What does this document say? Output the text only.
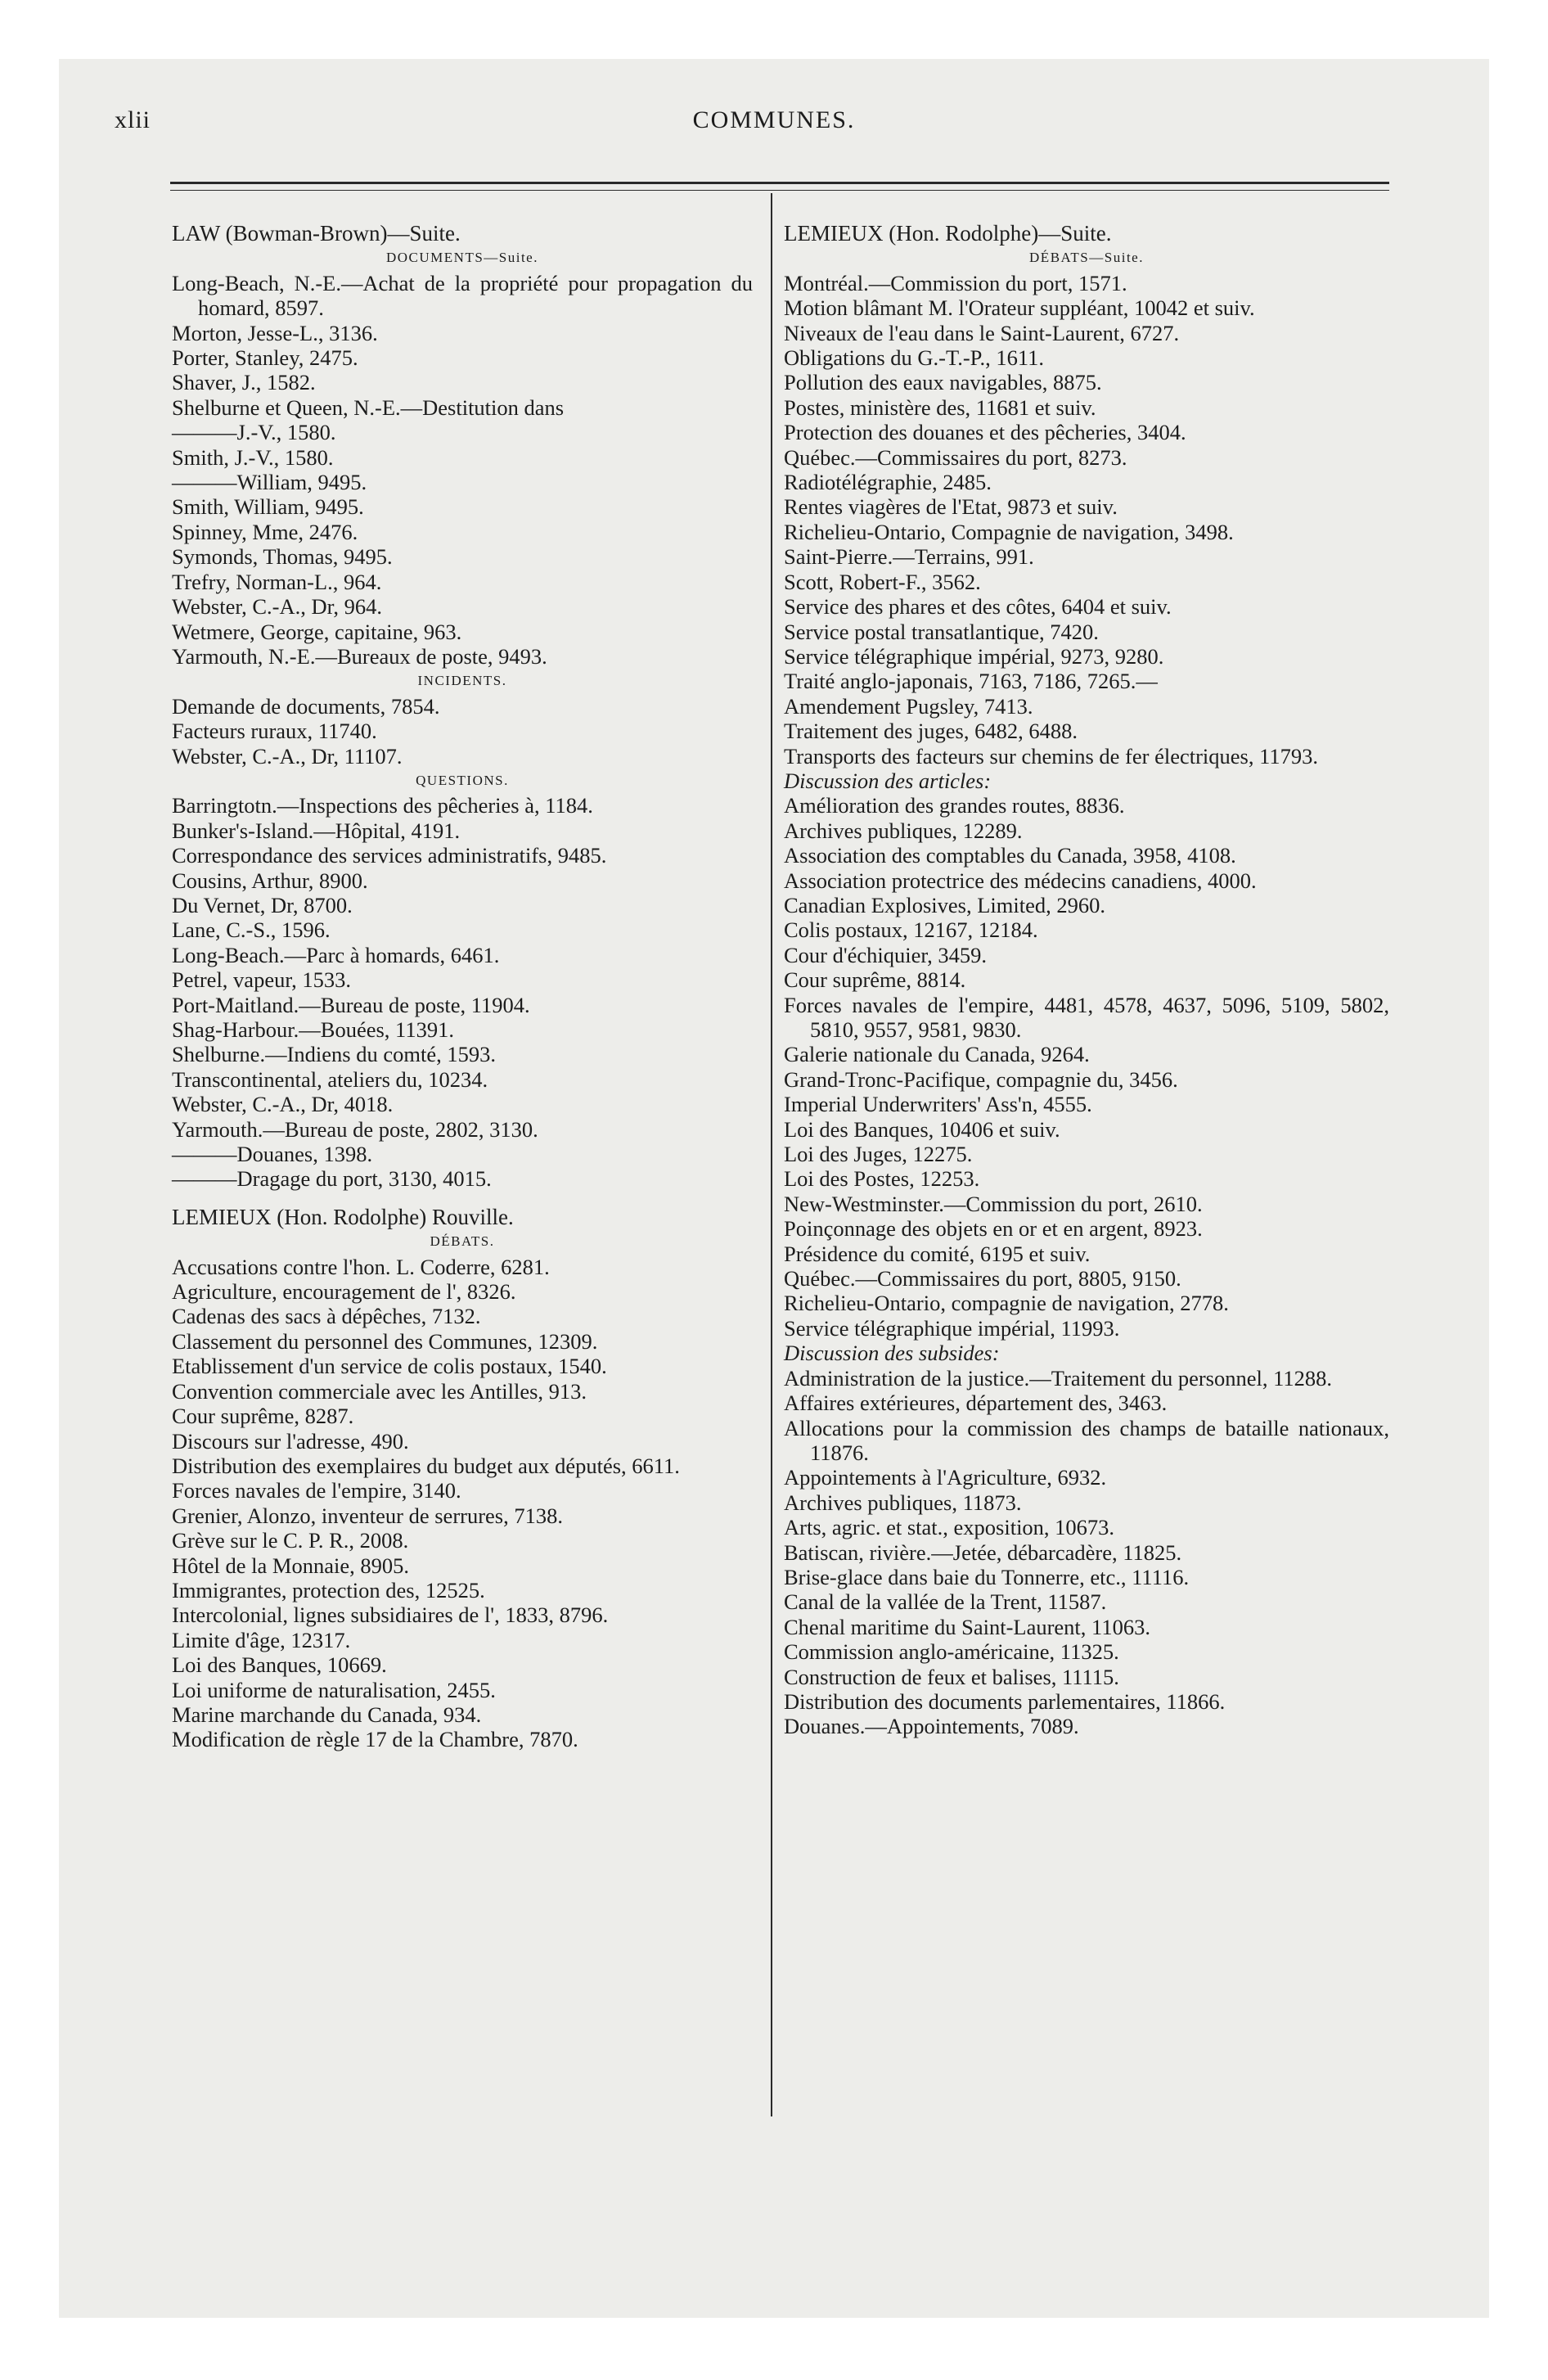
xlii	COMMUNES.
LAW (Bowman-Brown)—Suite.
DOCUMENTS—Suite.
Long-Beach, N.-E.—Achat de la propriété pour propagation du homard, 8597.
Morton, Jesse-L., 3136.
Porter, Stanley, 2475.
Shaver, J., 1582.
Shelburne et Queen, N.-E.—Destitution dans
———J.-V., 1580.
Smith, J.-V., 1580.
———William, 9495.
Smith, William, 9495.
Spinney, Mme, 2476.
Symonds, Thomas, 9495.
Trefry, Norman-L., 964.
Webster, C.-A., Dr, 964.
Wetmere, George, capitaine, 963.
Yarmouth, N.-E.—Bureaux de poste, 9493.
INCIDENTS.
Demande de documents, 7854.
Facteurs ruraux, 11740.
Webster, C.-A., Dr, 11107.
QUESTIONS.
Barringtotn.—Inspections des pêcheries à, 1184.
Bunker's-Island.—Hôpital, 4191.
Correspondance des services administratifs, 9485.
Cousins, Arthur, 8900.
Du Vernet, Dr, 8700.
Lane, C.-S., 1596.
Long-Beach.—Parc à homards, 6461.
Petrel, vapeur, 1533.
Port-Maitland.—Bureau de poste, 11904.
Shag-Harbour.—Bouées, 11391.
Shelburne.—Indiens du comté, 1593.
Transcontinental, ateliers du, 10234.
Webster, C.-A., Dr, 4018.
Yarmouth.—Bureau de poste, 2802, 3130.
———Douanes, 1398.
———Dragage du port, 3130, 4015.
LEMIEUX (Hon. Rodolphe) Rouville.
DÉBATS.
Accusations contre l'hon. L. Coderre, 6281.
Agriculture, encouragement de l', 8326.
Cadenas des sacs à dépêches, 7132.
Classement du personnel des Communes, 12309.
Etablissement d'un service de colis postaux, 1540.
Convention commerciale avec les Antilles, 913.
Cour suprême, 8287.
Discours sur l'adresse, 490.
Distribution des exemplaires du budget aux députés, 6611.
Forces navales de l'empire, 3140.
Grenier, Alonzo, inventeur de serrures, 7138.
Grève sur le C. P. R., 2008.
Hôtel de la Monnaie, 8905.
Immigrantes, protection des, 12525.
Intercolonial, lignes subsidiaires de l', 1833, 8796.
Limite d'âge, 12317.
Loi des Banques, 10669.
Loi uniforme de naturalisation, 2455.
Marine marchande du Canada, 934.
Modification de règle 17 de la Chambre, 7870.
LEMIEUX (Hon. Rodolphe)—Suite.
DÉBATS—Suite.
Montréal.—Commission du port, 1571.
Motion blâmant M. l'Orateur suppléant, 10042 et suiv.
Niveaux de l'eau dans le Saint-Laurent, 6727.
Obligations du G.-T.-P., 1611.
Pollution des eaux navigables, 8875.
Postes, ministère des, 11681 et suiv.
Protection des douanes et des pêcheries, 3404.
Québec.—Commissaires du port, 8273.
Radiotélégraphie, 2485.
Rentes viagères de l'Etat, 9873 et suiv.
Richelieu-Ontario, Compagnie de navigation, 3498.
Saint-Pierre.—Terrains, 991.
Scott, Robert-F., 3562.
Service des phares et des côtes, 6404 et suiv.
Service postal transatlantique, 7420.
Service télégraphique impérial, 9273, 9280.
Traité anglo-japonais, 7163, 7186, 7265.—
Amendement Pugsley, 7413.
Traitement des juges, 6482, 6488.
Transports des facteurs sur chemins de fer électriques, 11793.
Discussion des articles:
Amélioration des grandes routes, 8836.
Archives publiques, 12289.
Association des comptables du Canada, 3958, 4108.
Association protectrice des médecins canadiens, 4000.
Canadian Explosives, Limited, 2960.
Colis postaux, 12167, 12184.
Cour d'échiquier, 3459.
Cour suprême, 8814.
Forces navales de l'empire, 4481, 4578, 4637, 5096, 5109, 5802, 5810, 9557, 9581, 9830.
Galerie nationale du Canada, 9264.
Grand-Tronc-Pacifique, compagnie du, 3456.
Imperial Underwriters' Ass'n, 4555.
Loi des Banques, 10406 et suiv.
Loi des Juges, 12275.
Loi des Postes, 12253.
New-Westminster.—Commission du port, 2610.
Poinçonnage des objets en or et en argent, 8923.
Présidence du comité, 6195 et suiv.
Québec.—Commissaires du port, 8805, 9150.
Richelieu-Ontario, compagnie de navigation, 2778.
Service télégraphique impérial, 11993.
Discussion des subsides:
Administration de la justice.—Traitement du personnel, 11288.
Affaires extérieures, département des, 3463.
Allocations pour la commission des champs de bataille nationaux, 11876.
Appointements à l'Agriculture, 6932.
Archives publiques, 11873.
Arts, agric. et stat., exposition, 10673.
Batiscan, rivière.—Jetée, débarcadère, 11825.
Brise-glace dans baie du Tonnerre, etc., 11116.
Canal de la vallée de la Trent, 11587.
Chenal maritime du Saint-Laurent, 11063.
Commission anglo-américaine, 11325.
Construction de feux et balises, 11115.
Distribution des documents parlementaires, 11866.
Douanes.—Appointements, 7089.
